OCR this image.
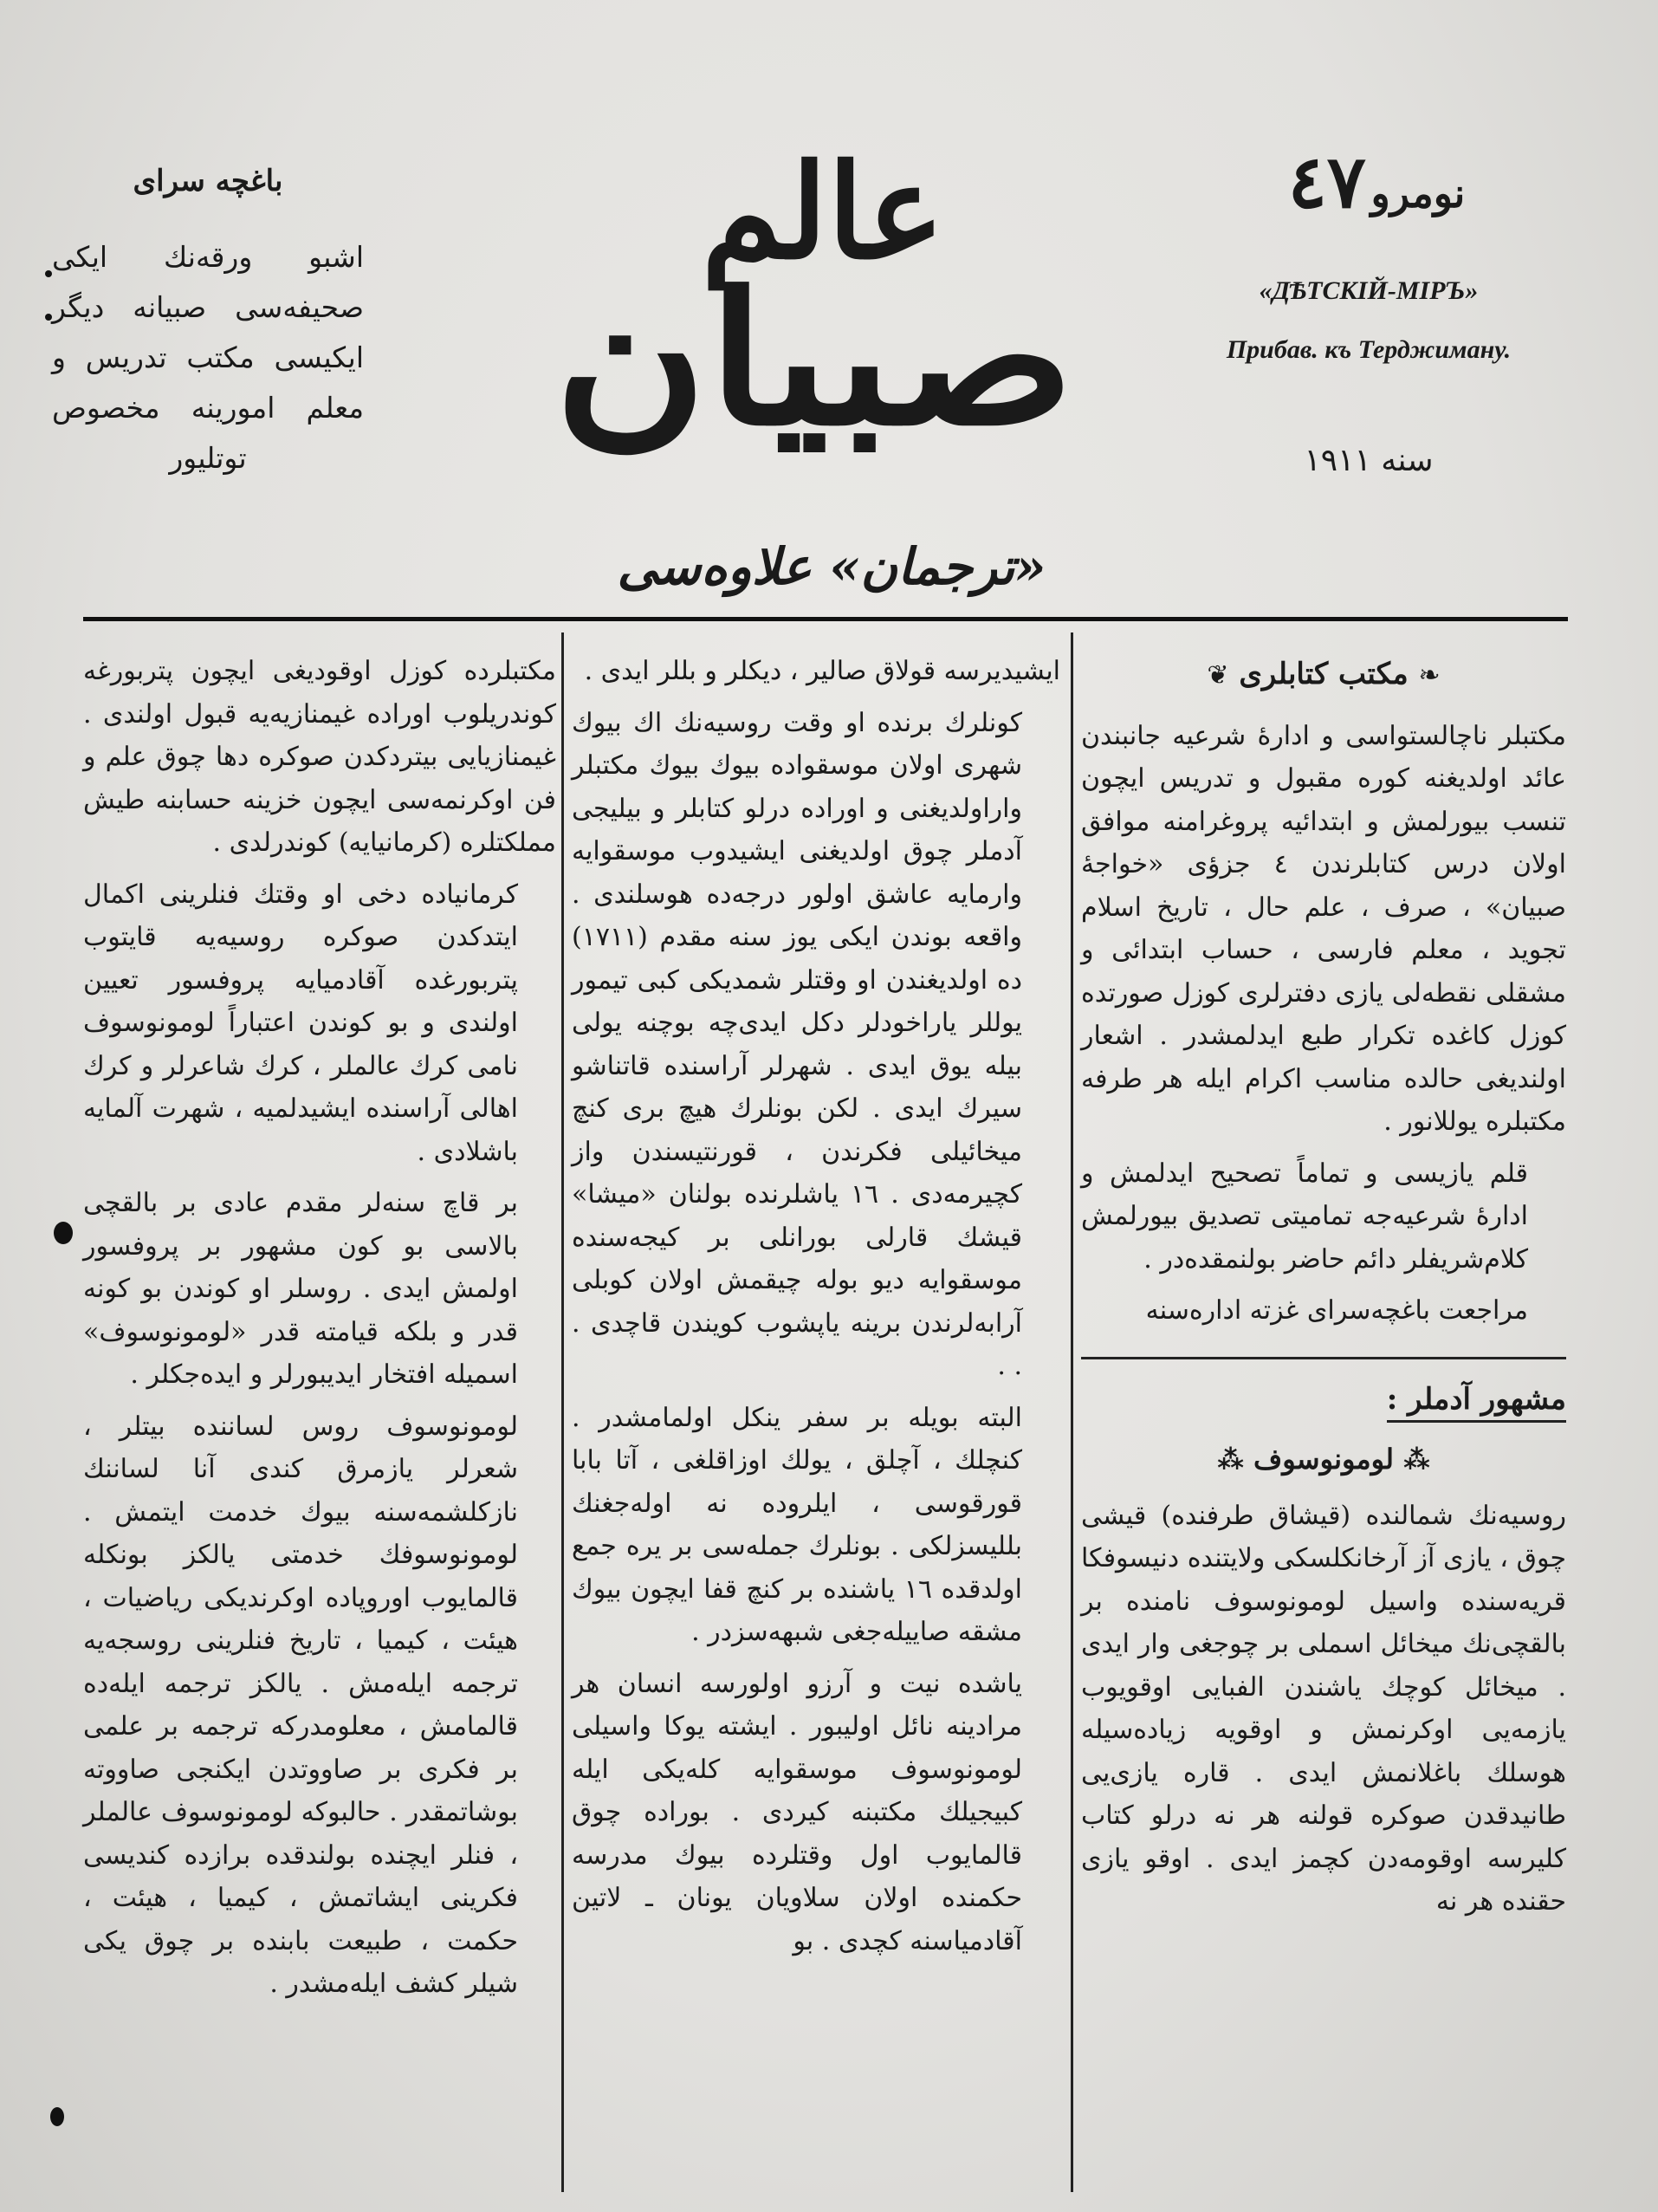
باغچه سرای
اشبو ورقه‌نك ایكی صحیفه‌سی صبیانه دیگر ایكیسی مكتب تدریس و معلم امورینه مخصوص توتلیور
عالم
صبیان
«ترجمان» علاوه‌سی
نومرو ٤٧
«ДѢТСКІЙ-МІРЪ»
Прибав. къ Терджиману.
سنه ١٩١١

❧ مكتب كتابلری ❦

مكتبلر ناچالستواسی و ادارهٔ شرعیه جانبندن عائد اولدیغنه كوره مقبول و تدریس ایچون تنسب بیورلمش و ابتدائیه پروغرامنه موافق اولان درس كتابلرندن ٤ جزؤی «خواجهٔ صبیان» ، صرف ، علم حال ، تاریخ اسلام تجوید ، معلم فارسی ، حساب ابتدائی و مشقلی نقطه‌لی یازی دفترلری كوزل صورتده كوزل كاغده تكرار طبع ایدلمشدر . اشعار اولندیغی حالده مناسب اكرام ایله هر طرفه مكتبلره یوللانور .

قلم یازیسی و تماماً تصحیح ایدلمش و ادارهٔ شرعیه‌جه تمامیتی تصدیق بیورلمش كلام‌شریفلر دائم حاضر بولنمقده‌در .

مراجعت باغچه‌سرای غزته اداره‌سنه

مشهور آدملر :

⁂ لومونوسوف ⁂

روسیه‌نك شمالنده (قیشاق طرفنده) قیشی چوق ، یازی آز آرخانكلسكی ولایتنده دنیسوفكا قریه‌سنده واسیل لومونوسوف نامنده بر بالقچی‌نك میخائل اسملی بر چوجغی وار ایدی . میخائل كوچك یاشندن الفبایی اوقویوب یازمه‌یی اوكرنمش و اوقویه زیاده‌سیله هوسلك باغلانمش ایدی . قاره یازی‌یی طانیدقدن صوكره قولنه هر نه درلو كتاب كلیرسه اوقومه‌دن كچمز ایدی . اوقو یازی حقنده هر نه

ایشیدیرسه قولاق صالیر ، دیكلر و بللر ایدی .

كونلرك برنده او وقت روسیه‌نك اك بیوك شهری اولان موسقواده بیوك بیوك مكتبلر واراولدیغنی و اوراده درلو كتابلر و بیلیجی آدملر چوق اولدیغنی ایشیدوب موسقوایه وارمایه عاشق اولور درجه‌ده هوسلندی . واقعه بوندن ایكی یوز سنه مقدم (١٧١١) ده اولدیغندن او وقتلر شمدیكی كبی تیمور یوللر یاراخودلر دكل ایدی‌چه بوچنه یولی بیله یوق ایدی . شهرلر آراسنده قاتناشو سیرك ایدی . لكن بونلرك هیچ بری كنچ میخائیلی فكرندن ، قورنتیسندن واز كچیرمه‌دی . ١٦ یاشلرنده بولنان «میشا» قیشك قارلی بورانلی بر كیجه‌سنده موسقوایه دیو بوله چیقمش اولان كوبلی آرابه‌لرندن برینه یاپشوب كویندن قاچدی . . .

البته بویله بر سفر ینكل اولمامشدر . كنچلك ، آچلق ، یولك اوزاقلغی ، آتا بابا قورقوسی ، ایلروده نه اوله‌جغنك بللیسزلكی . بونلرك جمله‌سی بر یره جمع اولدقده ١٦ یاشنده بر كنچ قفا ایچون بیوك مشقه صاییله‌جغی شبهه‌سزدر .

یاشده نیت و آرزو اولورسه انسان هر مرادینه نائل اولیبور . ایشته یوكا واسیلی لومونوسوف موسقوایه كله‌یكی ایله كبیجیلك مكتبنه كیردی . بوراده چوق قالمایوب اول وقتلرده بیوك مدرسه حكمنده اولان سلاویان یونان ـ لاتین آقادمیاسنه كچدی . بو

مكتبلرده كوزل اوقودیغی ایچون پتربورغه كوندریلوب اوراده غیمنازیه‌یه قبول اولندی . غیمنازیایی بیتردكدن صوكره دها چوق علم و فن اوكرنمه‌سی ایچون خزینه حسابنه طیش مملكتلره (كرمانیایه) كوندرلدی .

كرمانیاده دخی او وقتك فنلرینی اكمال ایتدكدن صوكره روسیه‌یه قایتوب پتربورغده آقادمیایه پروفسور تعیین اولندی و بو كوندن اعتباراً لومونوسوف نامی كرك عالملر ، كرك شاعرلر و كرك اهالی آراسنده ایشیدلمیه ، شهرت آلمایه باشلادی .

بر قاچ سنه‌لر مقدم عادی بر بالقچی بالاسی بو كون مشهور بر پروفسور اولمش ایدی . روسلر او كوندن بو كونه قدر و بلكه قیامته قدر «لومونوسوف» اسمیله افتخار ایدیبورلر و ایده‌جكلر .

لومونوسوف روس لساننده بیتلر ، شعرلر یازمرق كندی آنا لساننك نازكلشمه‌سنه بیوك خدمت ایتمش . لومونوسوفك خدمتی یالكز بونكله قالمایوب اوروپاده اوكرندیكی ریاضیات ، هیئت ، كیمیا ، تاریخ فنلرینی روسجه‌یه ترجمه ایله‌مش . یالكز ترجمه ایله‌ده قالمامش ، معلومدركه ترجمه بر علمی بر فكری بر صاووتدن ایكنجی صاووته بوشاتمقدر . حالبوكه لومونوسوف عالملر ، فنلر ایچنده بولندقده برازده كندیسی فكرینی ایشاتمش ، كیمیا ، هیئت ، حكمت ، طبیعت بابنده بر چوق یكی شیلر كشف ایله‌مشدر .
